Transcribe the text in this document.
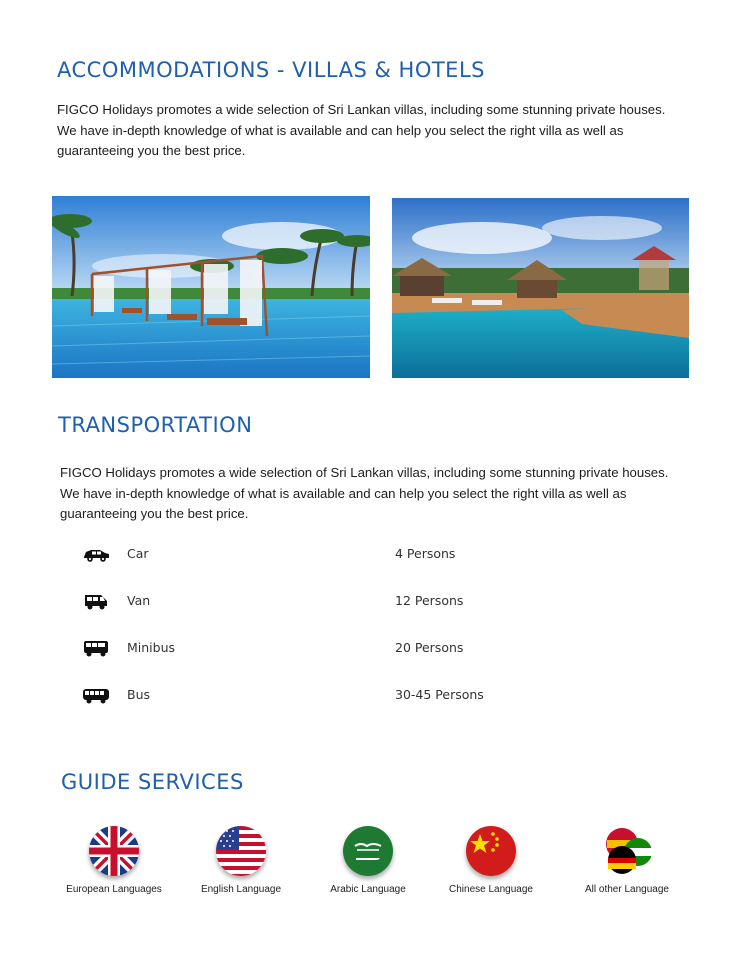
ACCOMMODATIONS - VILLAS & HOTELS

FIGCO Holidays promotes a wide selection of Sri Lankan villas, including some stunning private houses.
We have in-depth knowledge of what is available and can help you select the right villa as well as
guaranteeing you the best price.

TRANSPORTATION

FIGCO Holidays promotes a wide selection of Sri Lankan villas, including some stunning private houses.
We have in-depth knowledge of what is available and can help you select the right villa as well as
guaranteeing you the best price.

Car	4 Persons
Van	12 Persons
Minibus	20 Persons
Bus	30-45 Persons
GUIDE SERVICES
European Languages	English Language	Arabic Language	Chinese Language	All other Language
